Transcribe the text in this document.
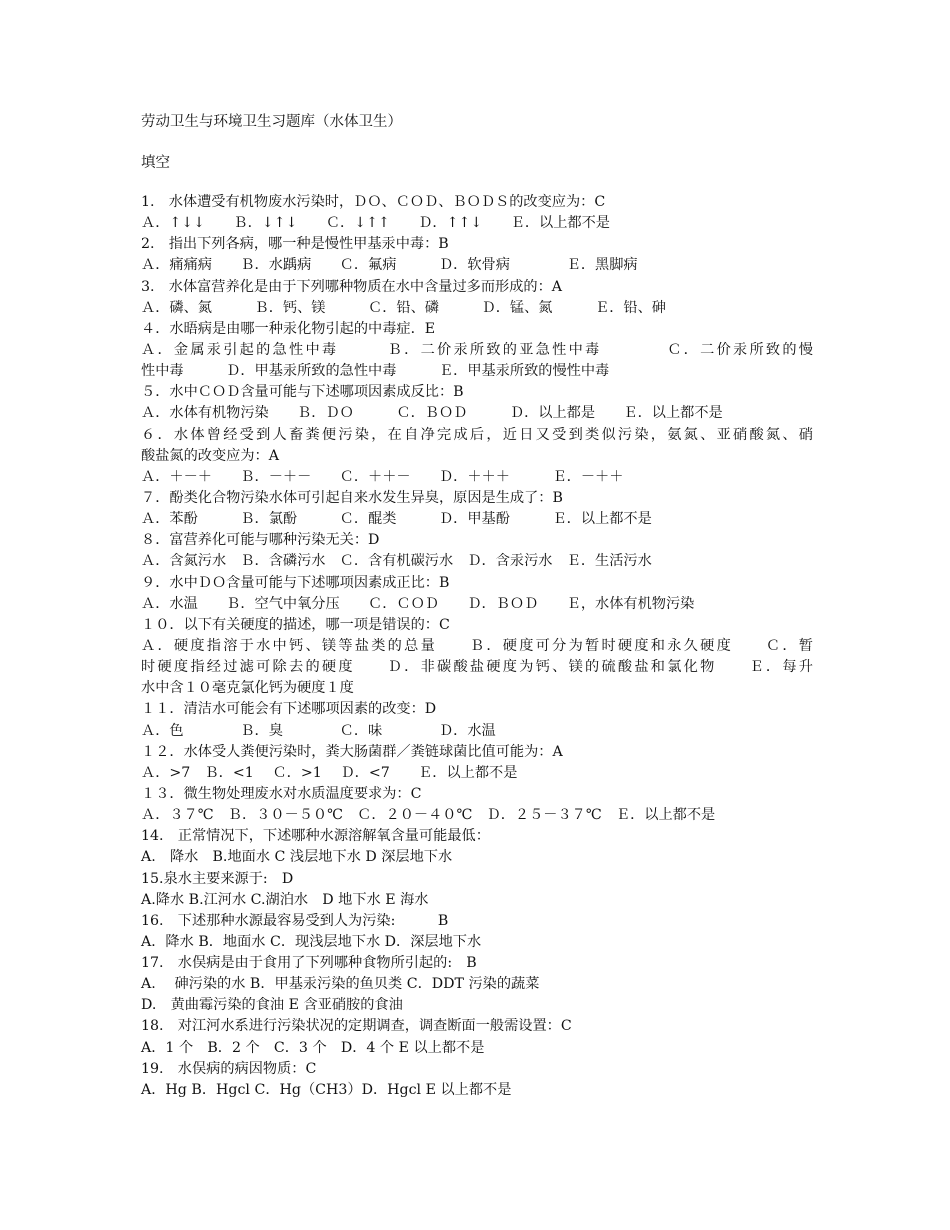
劳动卫生与环境卫生习题库（水体卫生）
填空
1.　水体遭受有机物废水污染时，ＤＯ、ＣＯＤ、ＢＯＤＳ的改变应为：C
Ａ．↑↓↓　　Ｂ．↓↑↓　　Ｃ．↓↑↑　　Ｄ．↑↑↓　　Ｅ．以上都不是
2.　指出下列各病，哪一种是慢性甲基汞中毒：B
Ａ．痛痛病　　Ｂ．水踽病　　Ｃ．氟病　　　Ｄ．软骨病　　　　Ｅ．黑脚病
3.　水体富营养化是由于下列哪种物质在水中含量过多而形成的：A
Ａ．磷、氮　　　Ｂ．钙、镁　　　Ｃ．铅、磷　　　Ｄ．锰、氮　　　Ｅ．铅、砷
４．水晤病是由哪一种汞化物引起的中毒症．E
Ａ．金属汞引起的急性中毒　　　Ｂ．二价汞所致的亚急性中毒　　　　Ｃ．二价汞所致的慢
性中毒　　　Ｄ．甲基汞所致的急性中毒　　　Ｅ．甲基汞所致的慢性中毒
５．水中ＣＯＤ含量可能与下述哪项因素成反比：B
Ａ．水体有机物污染　　Ｂ．ＤＯ　　　Ｃ．ＢＯＤ　　　Ｄ．以上都是　　Ｅ．以上都不是
６．水体曾经受到人畜粪便污染，在自净完成后，近日又受到类似污染，氨氮、亚硝酸氮、硝
酸盐氮的改变应为：A
Ａ．＋－＋　　Ｂ．－＋－　　Ｃ．＋＋－　　Ｄ．＋＋＋　　　Ｅ．－＋＋
７．酚类化合物污染水体可引起自来水发生异臭，原因是生成了：B
Ａ．苯酚　　　Ｂ．氯酚　　　Ｃ．醌类　　　Ｄ．甲基酚　　　Ｅ．以上都不是
８．富营养化可能与哪种污染无关：D
Ａ．含氮污水　Ｂ．含磷污水　Ｃ．含有机碳污水　Ｄ．含汞污水　Ｅ．生活污水
９．水中ＤＯ含量可能与下述哪项因素成正比：B
Ａ．水温　　Ｂ．空气中氧分压　　Ｃ．ＣＯＤ　　Ｄ．ＢＯＤ　　Ｅ，水体有机物污染
１０．以下有关硬度的描述，哪一项是错误的：C
Ａ．硬度指溶于水中钙、镁等盐类的总量　　Ｂ．硬度可分为暂时硬度和永久硬度　　Ｃ．暂
时硬度指经过滤可除去的硬度　　Ｄ．非碳酸盐硬度为钙、镁的硫酸盐和氯化物　　Ｅ．每升
水中含１０毫克氯化钙为硬度１度
１１．清洁水可能会有下述哪项因素的改变：D
Ａ．色　　　　Ｂ．臭　　　　Ｃ．味　　　　Ｄ．水温
１２．水体受人粪便污染时，粪大肠菌群／粪链球菌比值可能为：A
Ａ．>7　Ｂ．<1　 Ｃ．>1　 Ｄ．<7　　Ｅ．以上都不是
１３．微生物处理废水对水质温度要求为：C
Ａ．３７℃　Ｂ．３０－５０℃　Ｃ．２０－４０℃　Ｄ．２５－３７℃　Ｅ．以上都不是
14.　正常情况下，下述哪种水源溶解氧含量可能最低：
A.　降水　B.地面水 C 浅层地下水 D 深层地下水
15.泉水主要来源于:　D
A.降水 B.江河水 C.湖泊水　D 地下水 E 海水
16.　下述那种水源最容易受到人为污染:　　　B
A．降水 B．地面水 C．现浅层地下水 D．深层地下水
17.　水俣病是由于食用了下列哪种食物所引起的:　B
A.　 砷污染的水 B．甲基汞污染的鱼贝类 C．DDT 污染的蔬菜
D.　黄曲霉污染的食油 E 含亚硝胺的食油
18.　对江河水系进行污染状况的定期调查，调查断面一般需设置：C
A．1 个　B．2 个　C．3 个　D．4 个 E 以上都不是
19.　水俣病的病因物质：C
A．Hg B．Hgcl C．Hg（CH3）D．Hgcl E 以上都不是
